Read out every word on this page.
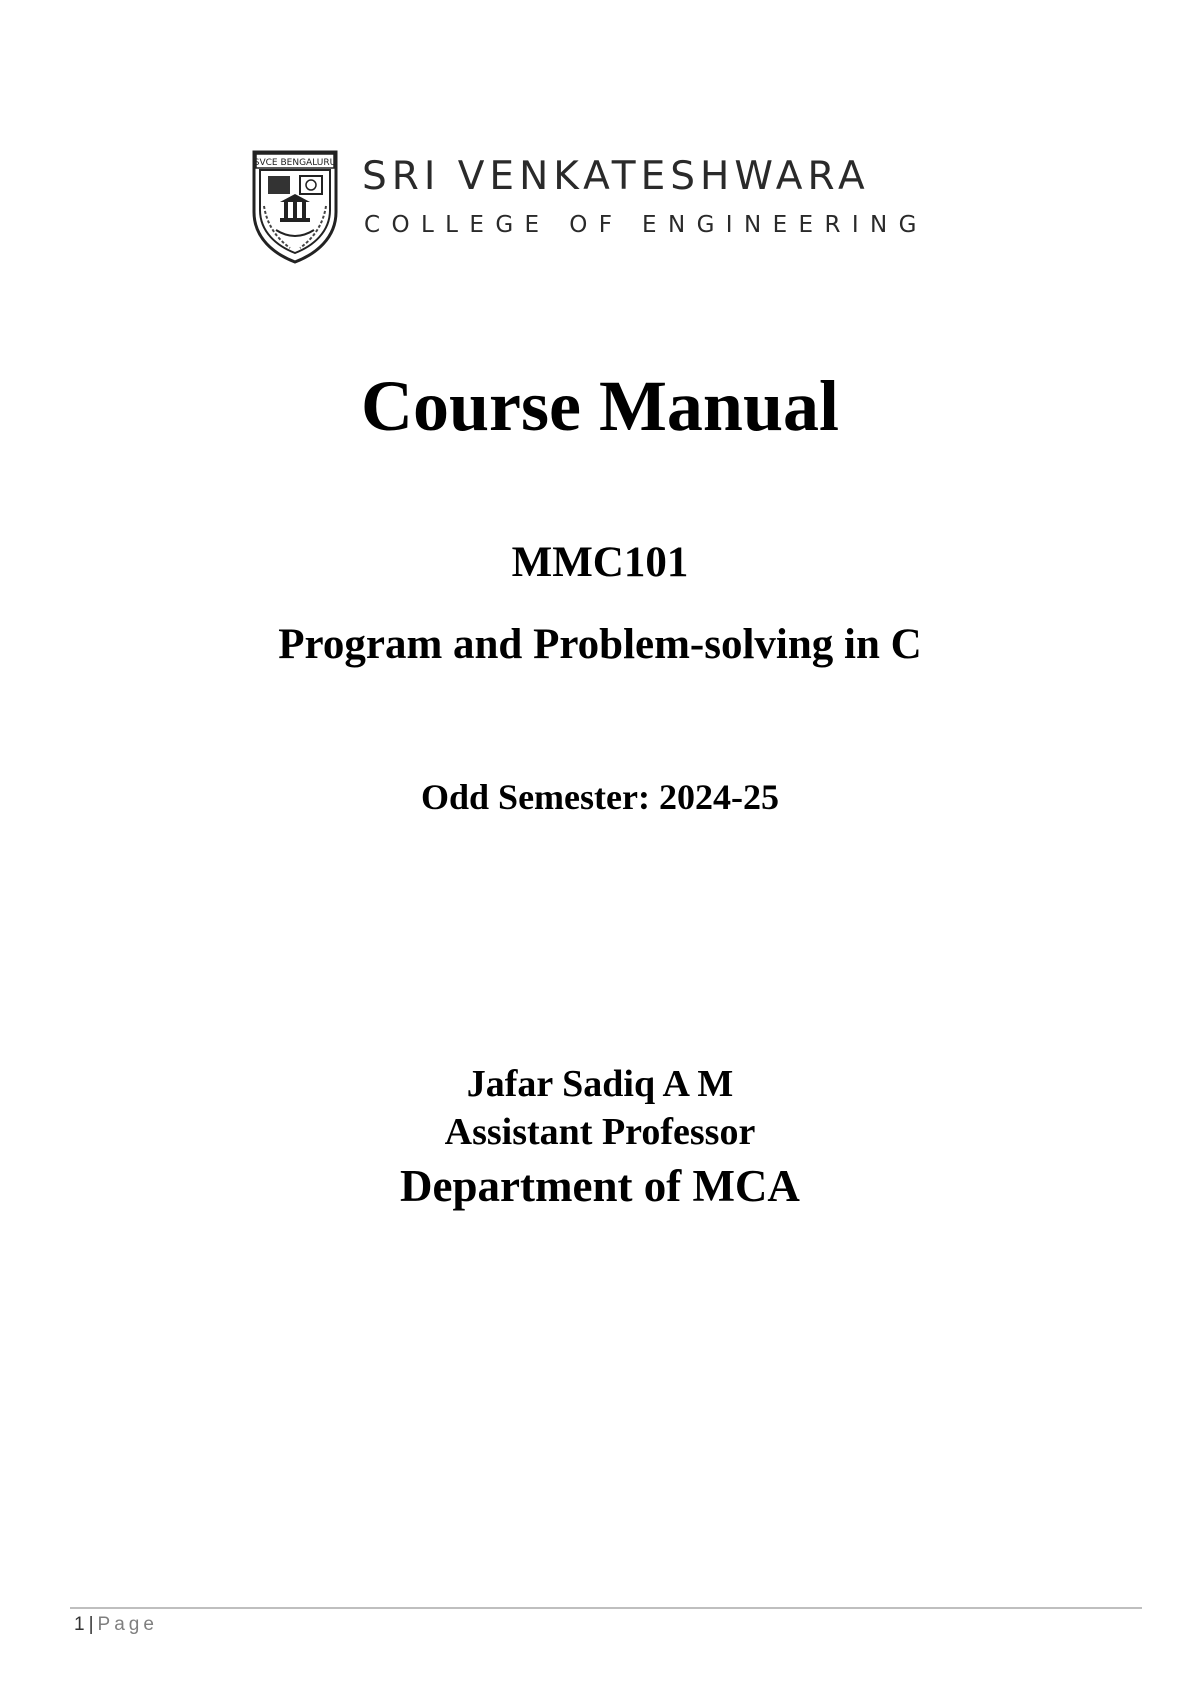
SVCE BENGALURU SRI VENKATESHWARA
COLLEGE OF ENGINEERING
Course Manual
MMC101
Program and Problem-solving in C
Odd Semester: 2024-25
Jafar Sadiq A M
Assistant Professor
Department of MCA
1 | Page
